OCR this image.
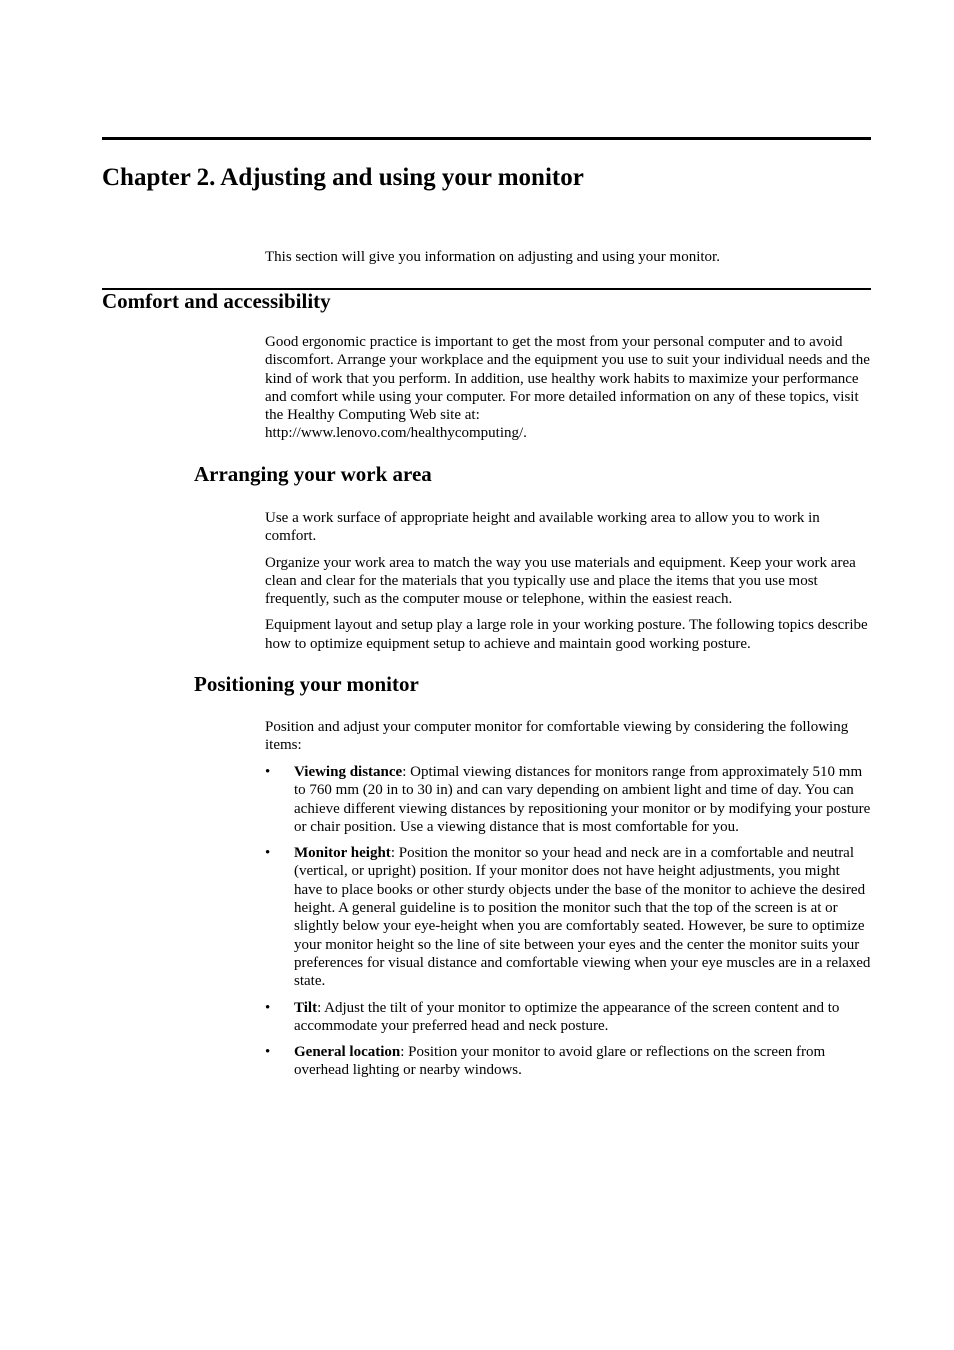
Chapter 2. Adjusting and using your monitor

This section will give you information on adjusting and using your monitor.

Comfort and accessibility

Good ergonomic practice is important to get the most from your personal computer and to avoid discomfort. Arrange your workplace and the equipment you use to suit your individual needs and the kind of work that you perform. In addition, use healthy work habits to maximize your performance and comfort while using your computer. For more detailed information on any of these topics, visit the Healthy Computing Web site at:

http://www.lenovo.com/healthycomputing/.

Arranging your work area

Use a work surface of appropriate height and available working area to allow you to work in comfort.

Organize your work area to match the way you use materials and equipment. Keep your work area clean and clear for the materials that you typically use and place the items that you use most frequently, such as the computer mouse or telephone, within the easiest reach.

Equipment layout and setup play a large role in your working posture. The following topics describe how to optimize equipment setup to achieve and maintain good working posture.

Positioning your monitor

Position and adjust your computer monitor for comfortable viewing by considering the following items:

• Viewing distance: Optimal viewing distances for monitors range from approximately 510 mm to 760 mm (20 in to 30 in) and can vary depending on ambient light and time of day. You can achieve different viewing distances by repositioning your monitor or by modifying your posture or chair position. Use a viewing distance that is most comfortable for you.
• Monitor height: Position the monitor so your head and neck are in a comfortable and neutral (vertical, or upright) position. If your monitor does not have height adjustments, you might have to place books or other sturdy objects under the base of the monitor to achieve the desired height. A general guideline is to position the monitor such that the top of the screen is at or slightly below your eye-height when you are comfortably seated. However, be sure to optimize your monitor height so the line of site between your eyes and the center the monitor suits your preferences for visual distance and comfortable viewing when your eye muscles are in a relaxed state.
• Tilt: Adjust the tilt of your monitor to optimize the appearance of the screen content and to accommodate your preferred head and neck posture.
• General location: Position your monitor to avoid glare or reflections on the screen from overhead lighting or nearby windows.
